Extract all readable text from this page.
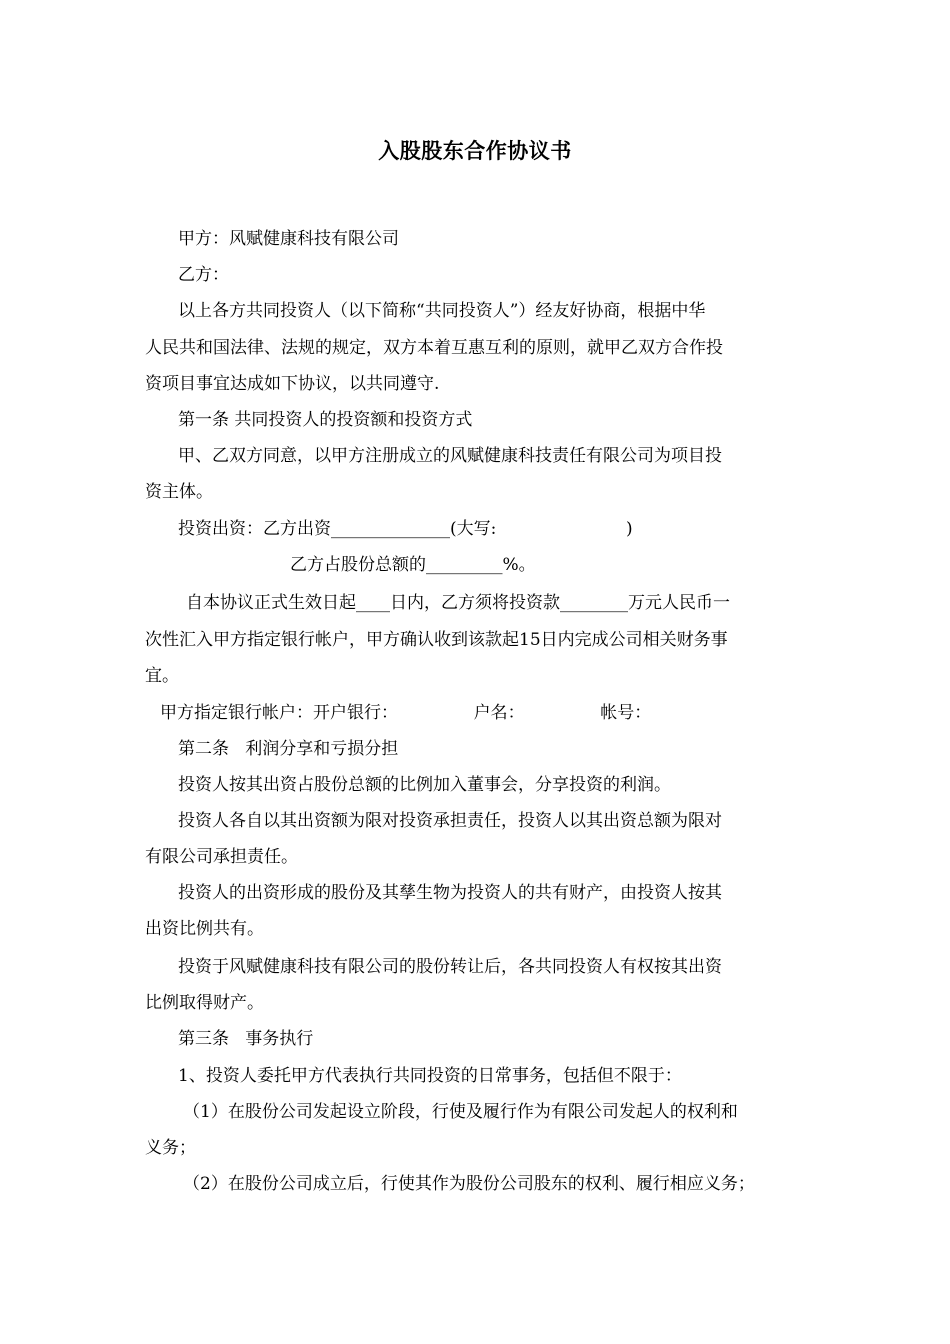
入股股东合作协议书
甲方：风赋健康科技有限公司
乙方：
以上各方共同投资人（以下简称“共同投资人”）经友好协商，根据中华
人民共和国法律、法规的规定，双方本着互惠互利的原则，就甲乙双方合作投
资项目事宜达成如下协议，以共同遵守.
第一条 共同投资人的投资额和投资方式
甲、乙双方同意，以甲方注册成立的风赋健康科技责任有限公司为项目投
资主体。
投资出资：乙方出资______________(大写:                        )
乙方占股份总额的_________%。
自本协议正式生效日起____日内，乙方须将投资款________万元人民币一
次性汇入甲方指定银行帐户，甲方确认收到该款起15日内完成公司相关财务事
宜。
甲方指定银行帐户：开户银行：              户名：              帐号：
第二条   利润分享和亏损分担
投资人按其出资占股份总额的比例加入董事会，分享投资的利润。
投资人各自以其出资额为限对投资承担责任，投资人以其出资总额为限对
有限公司承担责任。
投资人的出资形成的股份及其孳生物为投资人的共有财产，由投资人按其
出资比例共有。
投资于风赋健康科技有限公司的股份转让后，各共同投资人有权按其出资
比例取得财产。
第三条   事务执行
1、投资人委托甲方代表执行共同投资的日常事务，包括但不限于：
（1）在股份公司发起设立阶段，行使及履行作为有限公司发起人的权利和
义务；
（2）在股份公司成立后，行使其作为股份公司股东的权利、履行相应义务；
